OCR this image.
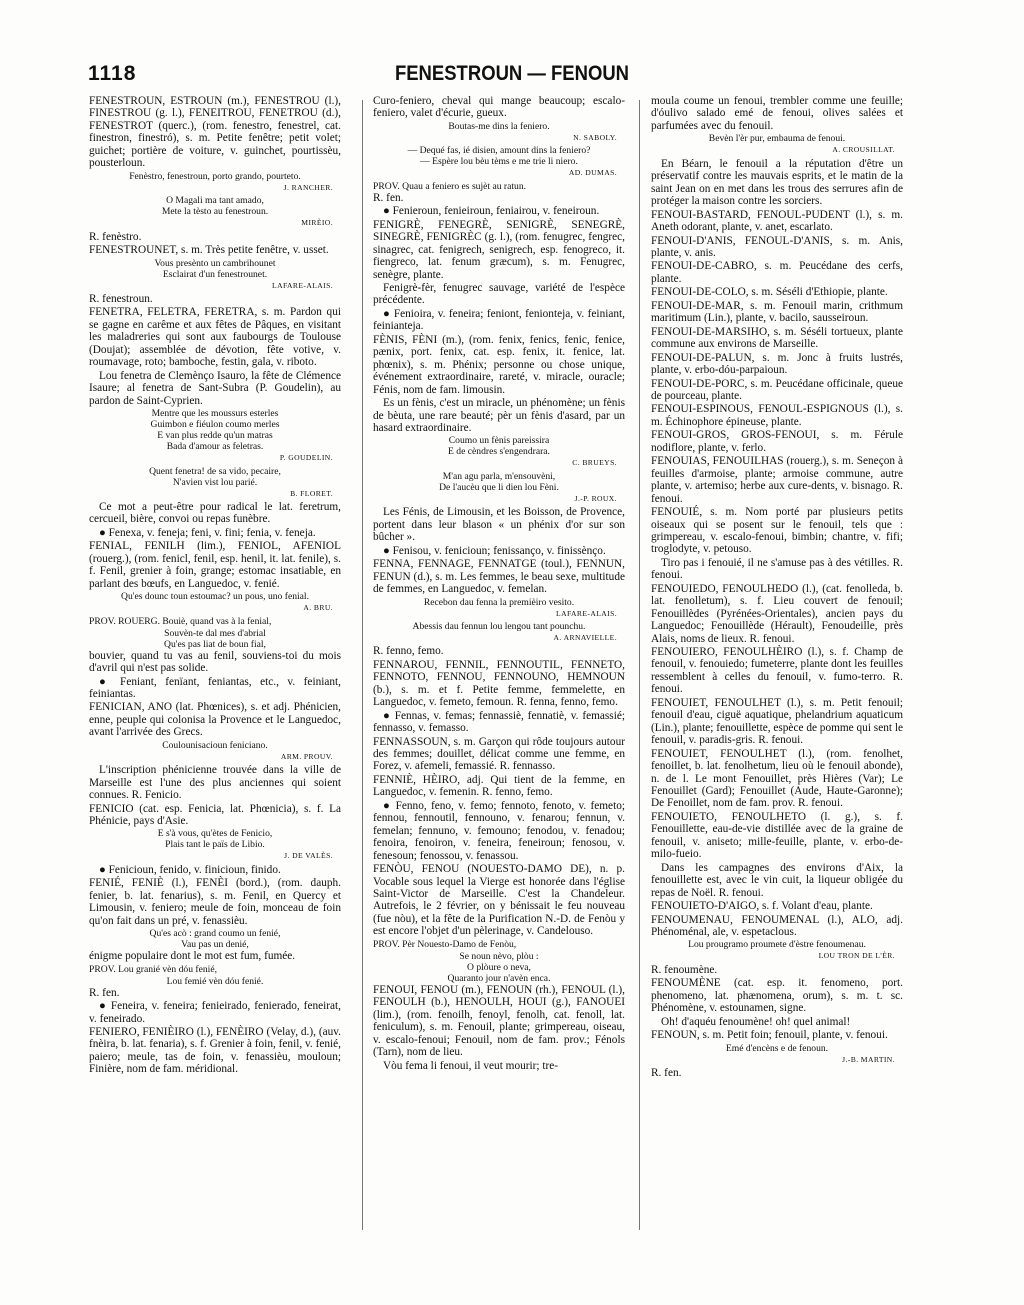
1118	FENESTROUN — FENOUN

FENESTROUN, ESTROUN (m.), FENESTROU (l.), FINESTROU (g. l.), FENEITROU, FENETROU (d.), FENESTROT (querc.), (rom. fenestro, fenestrel, cat. finestron, finestró), s. m. Petite fenêtre; petit volet; guichet; portière de voiture, v. guinchet, pourtissèu, pousterloun.

Fenèstro, fenestroun, porto grando, pourteto.

J. RANCHER.

O Magali ma tant amado,
Mete la tèsto au fenestroun.

MIRÈIO.

R. fenèstro.

FENESTROUNET, s. m. Très petite fenêtre, v. usset.

Vous presènto un cambrihounet
Esclairat d'un fenestrounet.

LAFARE-ALAIS.

R. fenestroun.

FENETRA, FELETRA, FERETRA, s. m. Pardon qui se gagne en carême et aux fêtes de Pâques, en visitant les maladreries qui sont aux faubourgs de Toulouse (Doujat); assemblée de dévotion, fête votive, v. roumavage, roto; bamboche, festin, gala, v. riboto.

Lou fenetra de Clemènço Isauro, la fête de Clémence Isaure; al fenetra de Sant-Subra (P. Goudelin), au pardon de Saint-Cyprien.

Mentre que les moussurs esterles
Guimbon e fiéulon coumo merles
E van plus redde qu'un matras
Bada d'amour as feletras.

P. GOUDELIN.

Quent fenetra! de sa vido, pecaire,
N'avien vist lou parié.

B. FLORET.

Ce mot a peut-être pour radical le lat. feretrum, cercueil, bière, convoi ou repas funèbre.

● Fenexa, v. feneja; feni, v. fini; fenia, v. feneja.

FENIAL, FENILH (lim.), FENIOL, AFENIOL (rouerg.), (rom. fenicl, fenil, esp. henil, it. lat. fenile), s. f. Fenil, grenier à foin, grange; estomac insatiable, en parlant des bœufs, en Languedoc, v. fenié.

Qu'es dounc toun estoumac? un pous, uno fenial.

A. BRU.

PROV. ROUERG. Bouiè, quand vas à la fenial,

Souvèn-te dal mes d'abrial
Qu'es pas liat de boun fial,

bouvier, quand tu vas au fenil, souviens-toi du mois d'avril qui n'est pas solide.

● Feniant, fenïant, feniantas, etc., v. feiniant, feiniantas.

FENICIAN, ANO (lat. Phœnices), s. et adj. Phénicien, enne, peuple qui colonisa la Provence et le Languedoc, avant l'arrivée des Grecs.

Coulounisacioun feniciano.

ARM. PROUV.

L'inscription phénicienne trouvée dans la ville de Marseille est l'une des plus anciennes qui soient connues. R. Fenicio.

FENICIO (cat. esp. Fenicia, lat. Phœnicia), s. f. La Phénicie, pays d'Asie.

E s'à vous, qu'ètes de Fenicio,
Plais tant le païs de Libio.

J. DE VALÈS.

● Fenicioun, fenido, v. finicioun, finido.

FENIÉ, FENIÈ (l.), FENÈI (bord.), (rom. dauph. fenier, b. lat. fenarius), s. m. Fenil, en Quercy et Limousin, v. feniero; meule de foin, monceau de foin qu'on fait dans un pré, v. fenassièu.

Qu'es acò : grand coumo un fenié,
Vau pas un denié,

énigme populaire dont le mot est fum, fumée.

PROV. Lou granié vèn dóu fenié,

Lou femié vèn dóu fenié.

R. fen.

● Feneira, v. feneira; fenieirado, fenierado, feneirat, v. feneirado.

FENIERO, FENIÈIRO (l.), FENÈIRO (Velay, d.), (auv. fnèira, b. lat. fenaria), s. f. Grenier à foin, fenil, v. fenié, paiero; meule, tas de foin, v. fenassièu, mouloun; Finière, nom de fam. méridional.

Curo-feniero, cheval qui mange beaucoup; escalo-feniero, valet d'écurie, gueux.

Boutas-me dins la feniero.

N. SABOLY.

— Dequé fas, ié disien, amount dins la feniero?
— Espère lou bèu tèms e me trie li niero.

AD. DUMAS.

PROV. Quau a feniero es sujèt au ratun.

R. fen.

● Fenieroun, fenieiroun, feniairou, v. feneiroun.

FENIGRÈ, FENEGRÈ, SENIGRÈ, SENEGRÈ, SINEGRÈ, FENIGRÈC (g. l.), (rom. fenugrec, fengrec, sinagrec, cat. fenigrech, senigrech, esp. fenogreco, it. fiengreco, lat. fenum græcum), s. m. Fenugrec, senègre, plante.

Fenigrè-fèr, fenugrec sauvage, variété de l'espèce précédente.

● Fenioira, v. feneira; feniont, fenionteja, v. feiniant, feinianteja.

FÈNIS, FÈNI (m.), (rom. fenix, fenics, fenic, fenice, pænix, port. fenix, cat. esp. fenix, it. fenice, lat. phœnix), s. m. Phénix; personne ou chose unique, événement extraordinaire, rareté, v. miracle, ouracle; Fénis, nom de fam. limousin.

Es un fènis, c'est un miracle, un phénomène; un fènis de bèuta, une rare beauté; pèr un fènis d'asard, par un hasard extraordinaire.

Coumo un fènis pareissira
E de cèndres s'engendrara.

C. BRUEYS.

M'an agu parla, m'ensouvèni,
De l'aucèu que li dien lou Fèni.

J.-P. ROUX.

Les Fénis, de Limousin, et les Boisson, de Provence, portent dans leur blason « un phénix d'or sur son bûcher ».

● Fenisou, v. fenicioun; fenissanço, v. finissènço.

FENNA, FENNAGE, FENNATGE (toul.), FENNUN, FENUN (d.), s. m. Les femmes, le beau sexe, multitude de femmes, en Languedoc, v. femelan.

Recebon dau fenna la premièiro vesito.

LAFARE-ALAIS.

Abessis dau fennun lou lengou tant pounchu.

A. ARNAVIELLE.

R. fenno, femo.

FENNAROU, FENNIL, FENNOUTIL, FENNETO, FENNOTO, FENNOU, FENNOUNO, HEMNOUN (b.), s. m. et f. Petite femme, femmelette, en Languedoc, v. femeto, femoun. R. fenna, fenno, femo.

● Fennas, v. femas; fennassiè, fennatiè, v. femassié; fennasso, v. femasso.

FENNASSOUN, s. m. Garçon qui rôde toujours autour des femmes; douillet, délicat comme une femme, en Forez, v. afemeli, femassié. R. fennasso.

FENNIÈ, HÈIRO, adj. Qui tient de la femme, en Languedoc, v. femenin. R. fenno, femo.

● Fenno, feno, v. femo; fennoto, fenoto, v. femeto; fennou, fennoutil, fennouno, v. fenarou; fennun, v. femelan; fennuno, v. femouno; fenodou, v. fenadou; fenoira, fenoiron, v. feneira, feneiroun; fenosou, v. fenesoun; fenossou, v. fenassou.

FENÒU, FENOU (NOUESTO-DAMO DE), n. p. Vocable sous lequel la Vierge est honorée dans l'église Saint-Victor de Marseille. C'est la Chandeleur. Autrefois, le 2 février, on y bénissait le feu nouveau (fue nòu), et la fête de la Purification N.-D. de Fenòu y est encore l'objet d'un pèlerinage, v. Candelouso.

PROV. Pèr Nouesto-Damo de Fenòu,

Se noun nèvo, plòu :
O plòure o neva,
Quaranto jour n'avèn enca.

FENOUI, FENOU (m.), FENOUN (rh.), FENOUL (l.), FENOULH (b.), HENOULH, HOUI (g.), FANOUEI (lim.), (rom. fenoilh, fenoyl, fenolh, cat. fenoll, lat. feniculum), s. m. Fenouil, plante; grimpereau, oiseau, v. escalo-fenoui; Fenouil, nom de fam. prov.; Fénols (Tarn), nom de lieu.

Vòu fema li fenoui, il veut mourir; tre-

moula coume un fenoui, trembler comme une feuille; d'óulivo salado emé de fenoui, olives salées et parfumées avec du fenouil.

Bevèn l'èr pur, embauma de fenoui.

A. CROUSILLAT.

En Béarn, le fenouil a la réputation d'être un préservatif contre les mauvais esprits, et le matin de la saint Jean on en met dans les trous des serrures afin de protéger la maison contre les sorciers.

FENOUI-BASTARD, FENOUL-PUDENT (l.), s. m. Aneth odorant, plante, v. anet, escarlato.

FENOUI-D'ANIS, FENOUL-D'ANIS, s. m. Anis, plante, v. anis.

FENOUI-DE-CABRO, s. m. Peucédane des cerfs, plante.

FENOUI-DE-COLO, s. m. Séséli d'Ethiopie, plante.

FENOUI-DE-MAR, s. m. Fenouil marin, crithmum maritimum (Lin.), plante, v. bacilo, sausseiroun.

FENOUI-DE-MARSIHO, s. m. Séséli tortueux, plante commune aux environs de Marseille.

FENOUI-DE-PALUN, s. m. Jonc à fruits lustrés, plante, v. erbo-dóu-parpaioun.

FENOUI-DE-PORC, s. m. Peucédane officinale, queue de pourceau, plante.

FENOUI-ESPINOUS, FENOUL-ESPIGNOUS (l.), s. m. Échinophore épineuse, plante.

FENOUI-GROS, GROS-FENOUI, s. m. Férule nodiflore, plante, v. ferlo.

FENOUIAS, FENOUILHAS (rouerg.), s. m. Seneçon à feuilles d'armoise, plante; armoise commune, autre plante, v. artemiso; herbe aux cure-dents, v. bisnago. R. fenoui.

FENOUIÉ, s. m. Nom porté par plusieurs petits oiseaux qui se posent sur le fenouil, tels que : grimpereau, v. escalo-fenoui, bimbin; chantre, v. fifi; troglodyte, v. petouso.

Tiro pas i fenouié, il ne s'amuse pas à des vétilles. R. fenoui.

FENOUIEDO, FENOULHEDO (l.), (cat. fenolleda, b. lat. fenolletum), s. f. Lieu couvert de fenouil; Fenouillèdes (Pyrénées-Orientales), ancien pays du Languedoc; Fenouillède (Hérault), Fenoudeille, près Alais, noms de lieux. R. fenoui.

FENOUIERO, FENOULHÈIRO (l.), s. f. Champ de fenouil, v. fenouiedo; fumeterre, plante dont les feuilles ressemblent à celles du fenouil, v. fumo-terro. R. fenoui.

FENOUIET, FENOULHET (l.), s. m. Petit fenouil; fenouil d'eau, ciguë aquatique, phelandrium aquaticum (Lin.), plante; fenouillette, espèce de pomme qui sent le fenouil, v. paradis-gris. R. fenoui.

FENOUIET, FENOULHET (l.), (rom. fenolhet, fenoillet, b. lat. fenolhetum, lieu où le fenouil abonde), n. de l. Le mont Fenouillet, près Hières (Var); Le Fenouillet (Gard); Fenouillet (Aude, Haute-Garonne); De Fenoillet, nom de fam. prov. R. fenoui.

FENOUIETO, FENOULHETO (l. g.), s. f. Fenouillette, eau-de-vie distillée avec de la graine de fenouil, v. aniseto; mille-feuille, plante, v. erbo-de-milo-fueio.

Dans les campagnes des environs d'Aix, la fenouillette est, avec le vin cuit, la liqueur obligée du repas de Noël. R. fenoui.

FENOUIETO-D'AIGO, s. f. Volant d'eau, plante.

FENOUMENAU, FENOUMENAL (l.), ALO, adj. Phénoménal, ale, v. espetaclous.

Lou prougramo proumete d'èstre fenoumenau.

LOU TRON DE L'ÈR.

R. fenoumène.

FENOUMÈNE (cat. esp. it. fenomeno, port. phenomeno, lat. phænomena, orum), s. m. t. sc. Phénomène, v. estounamen, signe.

Oh! d'aquéu fenoumène! oh! quel animal!

FENOUN, s. m. Petit foin; fenouil, plante, v. fenoui.

Emé d'encèns e de fenoun.

J.-B. MARTIN.

R. fen.
